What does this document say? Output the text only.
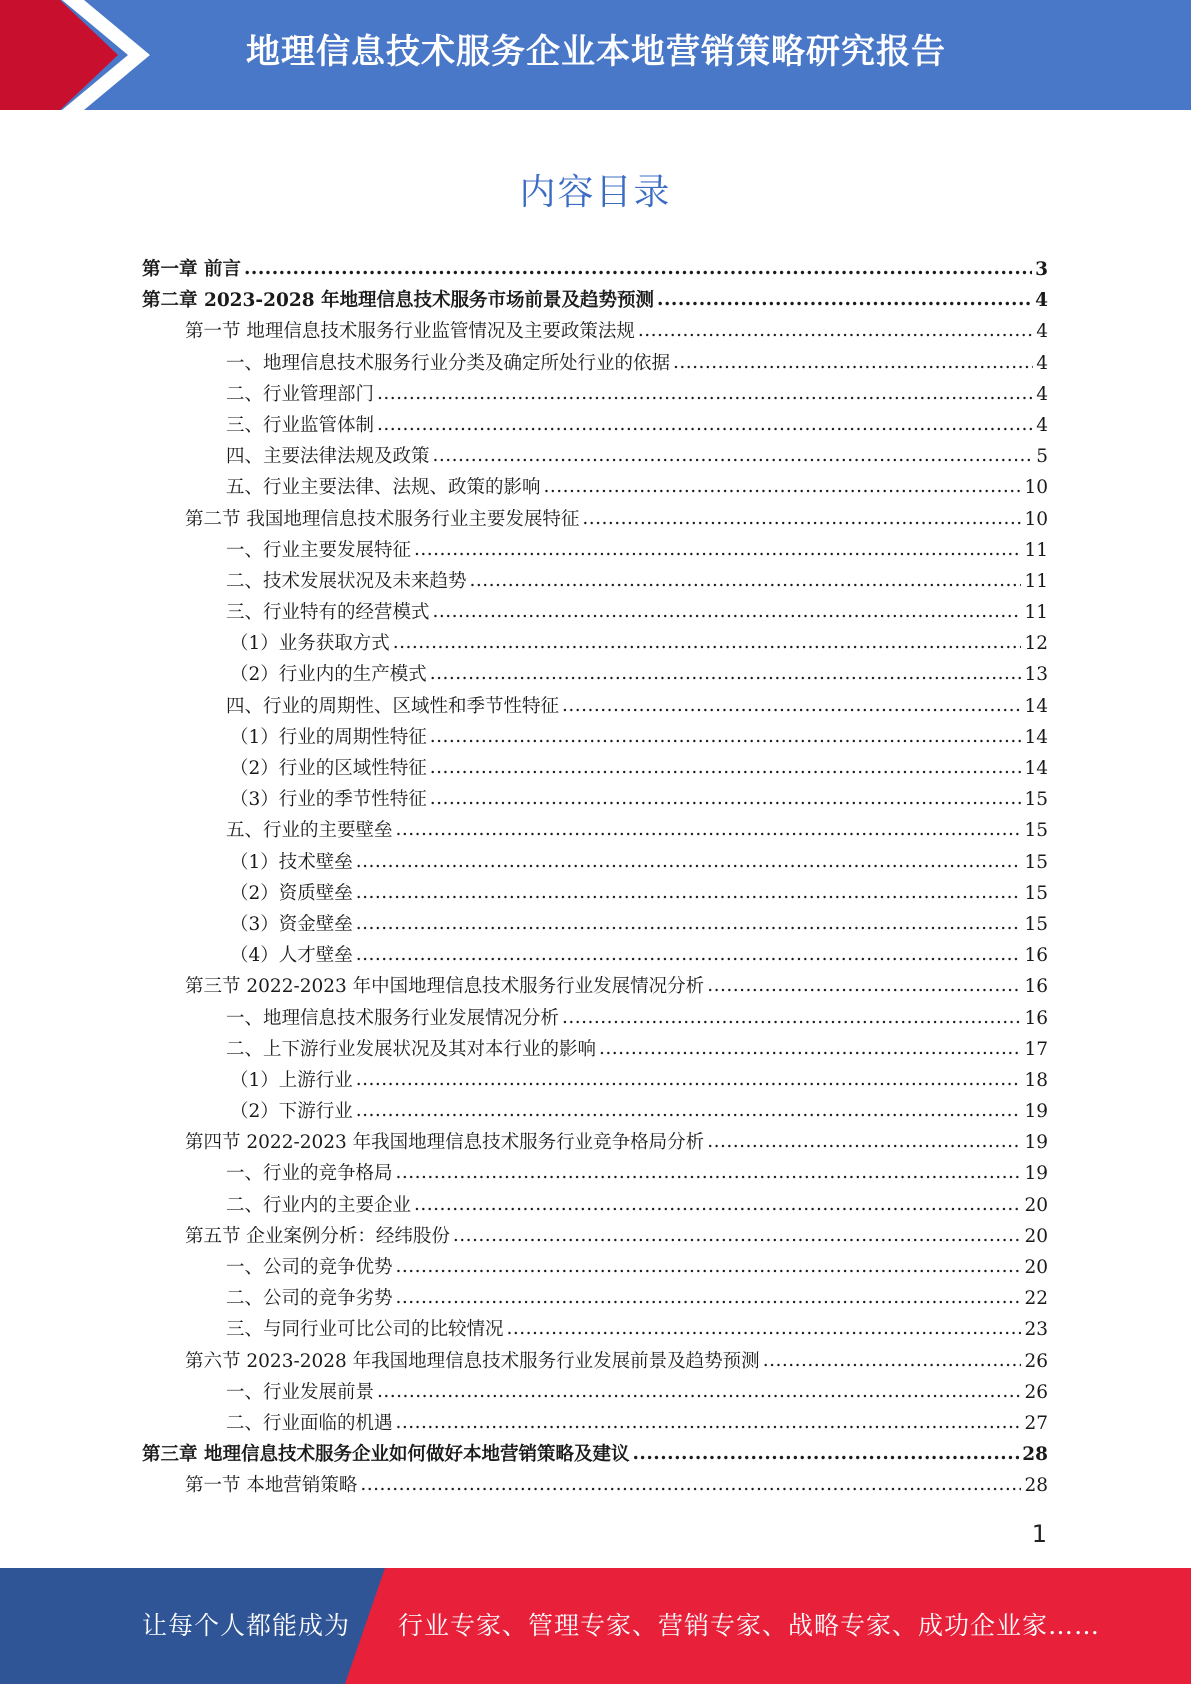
地理信息技术服务企业本地营销策略研究报告
内容目录
第一章 前言 .....	3
第二章 2023-2028 年地理信息技术服务市场前景及趋势预测 .....	4
第一节 地理信息技术服务行业监管情况及主要政策法规 .....	4
一、地理信息技术服务行业分类及确定所处行业的依据 .....	4
二、行业管理部门 .....	4
三、行业监管体制 .....	4
四、主要法律法规及政策 .....	5
五、行业主要法律、法规、政策的影响 .....	10
第二节 我国地理信息技术服务行业主要发展特征 .....	10
一、行业主要发展特征 .....	11
二、技术发展状况及未来趋势 .....	11
三、行业特有的经营模式 .....	11
（1）业务获取方式 .....	12
（2）行业内的生产模式 .....	13
四、行业的周期性、区域性和季节性特征 .....	14
（1）行业的周期性特征 .....	14
（2）行业的区域性特征 .....	14
（3）行业的季节性特征 .....	15
五、行业的主要壁垒 .....	15
（1）技术壁垒 .....	15
（2）资质壁垒 .....	15
（3）资金壁垒 .....	15
（4）人才壁垒 .....	16
第三节 2022-2023 年中国地理信息技术服务行业发展情况分析 .....	16
一、地理信息技术服务行业发展情况分析 .....	16
二、上下游行业发展状况及其对本行业的影响 .....	17
（1）上游行业 .....	18
（2）下游行业 .....	19
第四节 2022-2023 年我国地理信息技术服务行业竞争格局分析 .....	19
一、行业的竞争格局 .....	19
二、行业内的主要企业 .....	20
第五节 企业案例分析：经纬股份 .....	20
一、公司的竞争优势 .....	20
二、公司的竞争劣势 .....	22
三、与同行业可比公司的比较情况 .....	23
第六节 2023-2028 年我国地理信息技术服务行业发展前景及趋势预测 .....	26
一、行业发展前景 .....	26
二、行业面临的机遇 .....	27
第三章 地理信息技术服务企业如何做好本地营销策略及建议 .....	28
第一节 本地营销策略 .....	28
1
让每个人都能成为 行业专家、管理专家、营销专家、战略专家、成功企业家……
